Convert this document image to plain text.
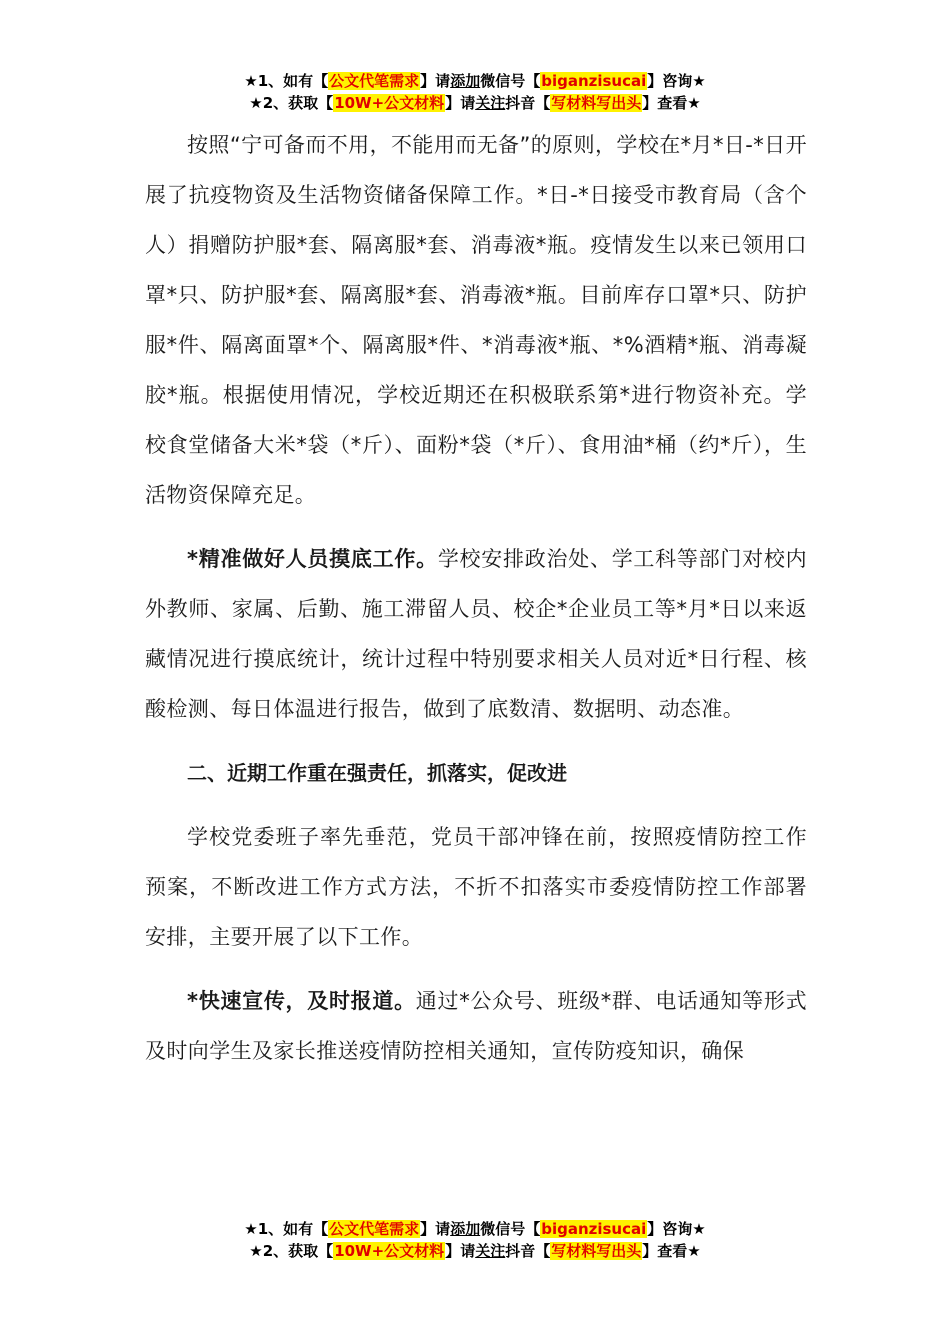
★1、如有【公文代笔需求】请添加微信号【biganzisucai】咨询★
★2、获取【10W+公文材料】请关注抖音【写材料写出头】查看★

按照“宁可备而不用，不能用而无备”的原则，学校在*月*日-*日开展了抗疫物资及生活物资储备保障工作。*日-*日接受市教育局（含个人）捐赠防护服*套、隔离服*套、消毒液*瓶。疫情发生以来已领用口罩*只、防护服*套、隔离服*套、消毒液*瓶。目前库存口罩*只、防护服*件、隔离面罩*个、隔离服*件、*消毒液*瓶、*%酒精*瓶、消毒凝胶*瓶。根据使用情况，学校近期还在积极联系第*进行物资补充。学校食堂储备大米*袋（*斤）、面粉*袋（*斤）、食用油*桶（约*斤），生活物资保障充足。

*精准做好人员摸底工作。学校安排政治处、学工科等部门对校内外教师、家属、后勤、施工滞留人员、校企*企业员工等*月*日以来返藏情况进行摸底统计，统计过程中特别要求相关人员对近*日行程、核酸检测、每日体温进行报告，做到了底数清、数据明、动态准。

二、近期工作重在强责任，抓落实，促改进

学校党委班子率先垂范，党员干部冲锋在前，按照疫情防控工作预案，不断改进工作方式方法，不折不扣落实市委疫情防控工作部署安排，主要开展了以下工作。

*快速宣传，及时报道。通过*公众号、班级*群、电话通知等形式及时向学生及家长推送疫情防控相关通知，宣传防疫知识，确保

★1、如有【公文代笔需求】请添加微信号【biganzisucai】咨询★
★2、获取【10W+公文材料】请关注抖音【写材料写出头】查看★
